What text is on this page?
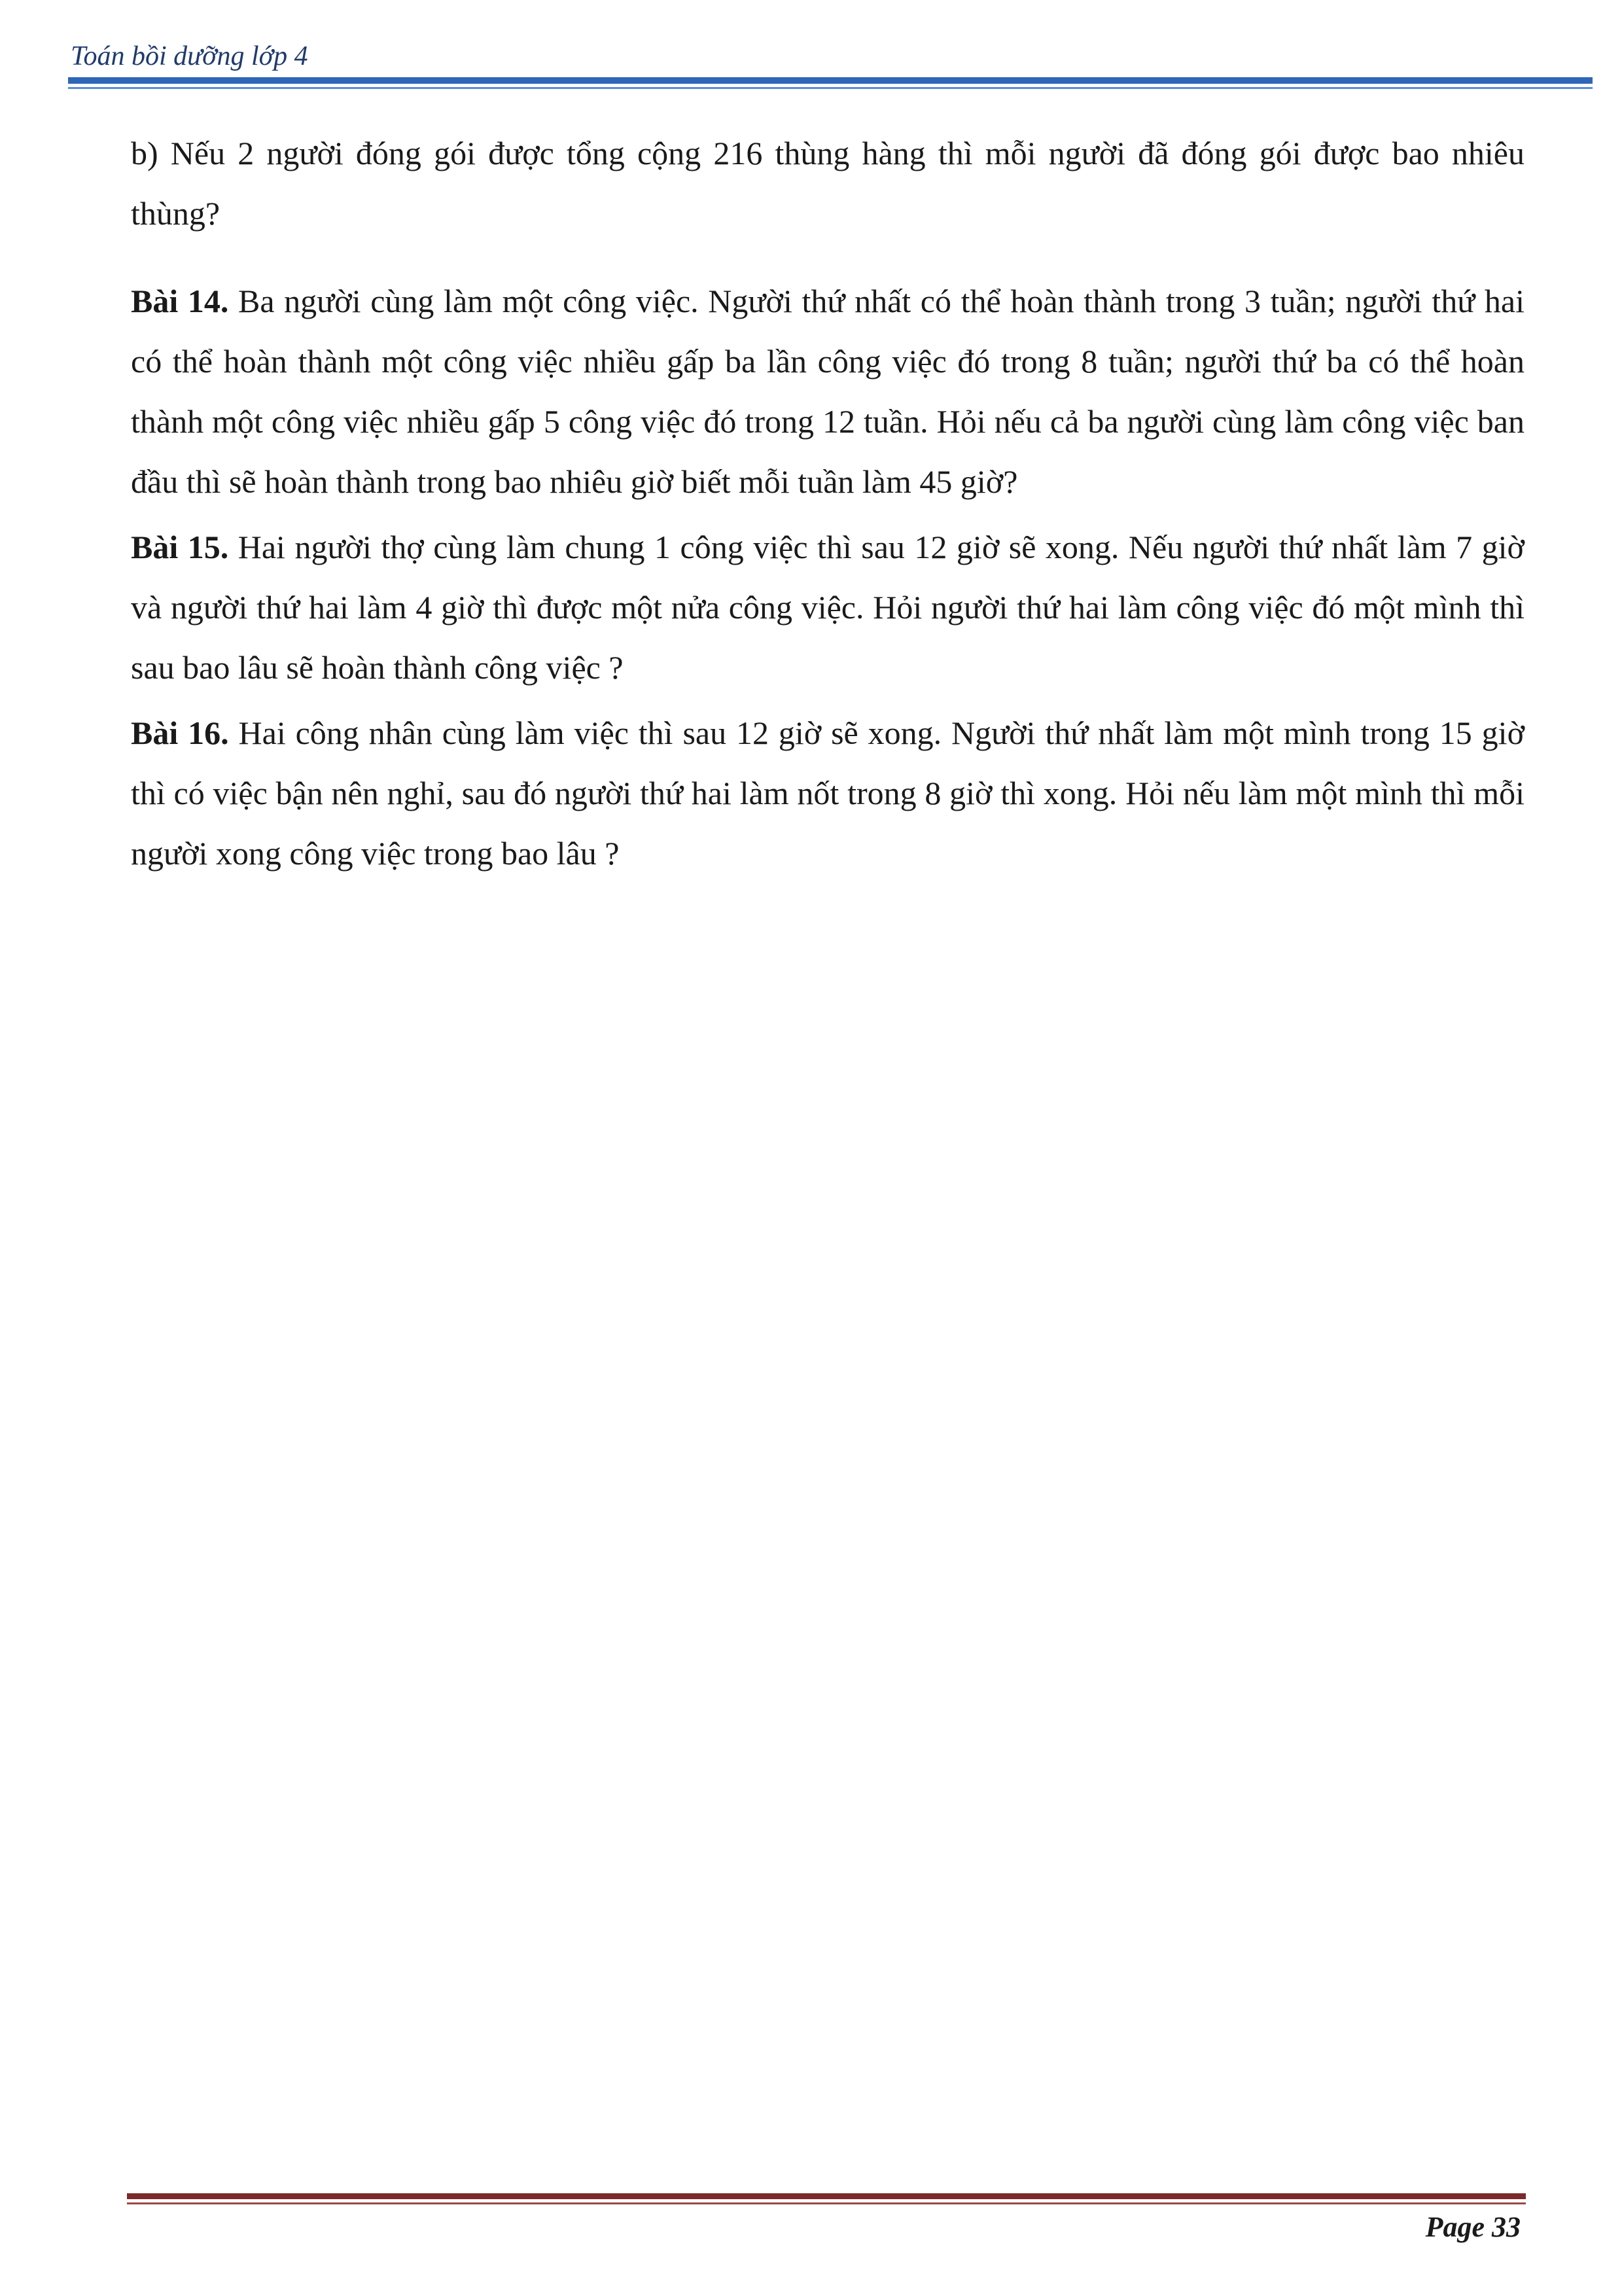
Toán bồi dưỡng lớp 4

b) Nếu 2 người đóng gói được tổng cộng 216 thùng hàng thì mỗi người đã đóng gói được bao nhiêu thùng?

Bài 14. Ba người cùng làm một công việc. Người thứ nhất có thể hoàn thành trong 3 tuần; người thứ hai có thể hoàn thành một công việc nhiều gấp ba lần công việc đó trong 8 tuần; người thứ ba có thể hoàn thành một công việc nhiều gấp 5 công việc đó trong 12 tuần. Hỏi nếu cả ba người cùng làm công việc ban đầu thì sẽ hoàn thành trong bao nhiêu giờ biết mỗi tuần làm 45 giờ?

Bài 15. Hai người thợ cùng làm chung 1 công việc thì sau 12 giờ sẽ xong. Nếu người thứ nhất làm 7 giờ và người thứ hai làm 4 giờ thì được một nửa công việc. Hỏi người thứ hai làm công việc đó một mình thì sau bao lâu sẽ hoàn thành công việc ?

Bài 16. Hai công nhân cùng làm việc thì sau 12 giờ sẽ xong. Người thứ nhất làm một mình trong 15 giờ thì có việc bận nên nghỉ, sau đó người thứ hai làm nốt trong 8 giờ thì xong. Hỏi nếu làm một mình thì mỗi người xong công việc trong bao lâu ?

Page 33
